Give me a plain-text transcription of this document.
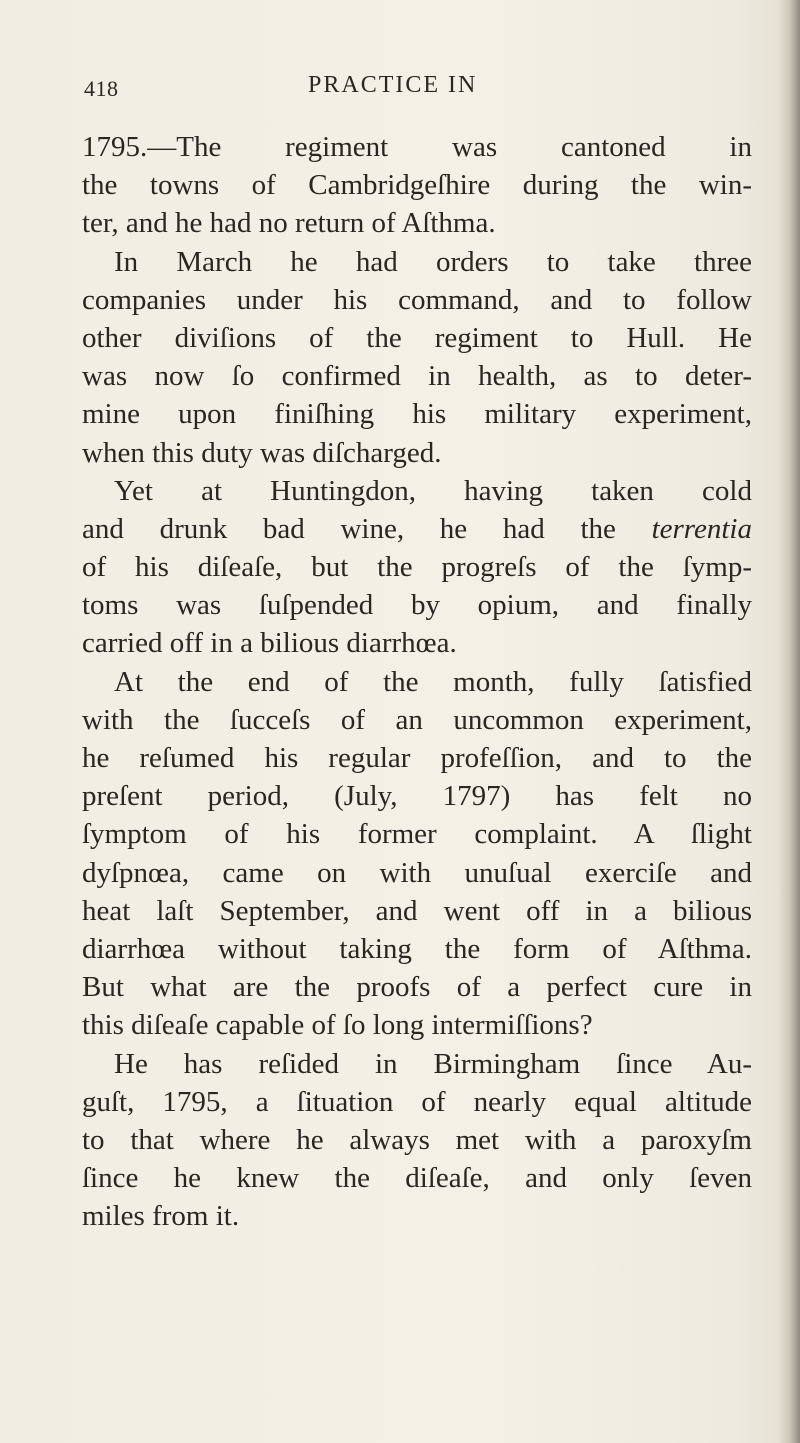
418	PRACTICE IN
1795.—The regiment was cantoned in
the towns of Cambridgeſhire during the win-
ter, and he had no return of Aſthma.
In March he had orders to take three
companies under his command, and to follow
other diviſions of the regiment to Hull. He
was now ſo confirmed in health, as to deter-
mine upon finiſhing his military experiment,
when this duty was diſcharged.
Yet at Huntingdon, having taken cold
and drunk bad wine, he had the terrentia
of his diſeaſe, but the progreſs of the ſymp-
toms was ſuſpended by opium, and finally
carried off in a bilious diarrhœa.
At the end of the month, fully ſatisfied
with the ſucceſs of an uncommon experiment,
he reſumed his regular profeſſion, and to the
preſent period, (July, 1797) has felt no
ſymptom of his former complaint. A ſlight
dyſpnœa, came on with unuſual exerciſe and
heat laſt September, and went off in a bilious
diarrhœa without taking the form of Aſthma.
But what are the proofs of a perfect cure in
this diſeaſe capable of ſo long intermiſſions?
He has reſided in Birmingham ſince Au-
guſt, 1795, a ſituation of nearly equal altitude
to that where he always met with a paroxyſm
ſince he knew the diſeaſe, and only ſeven
miles from it.
